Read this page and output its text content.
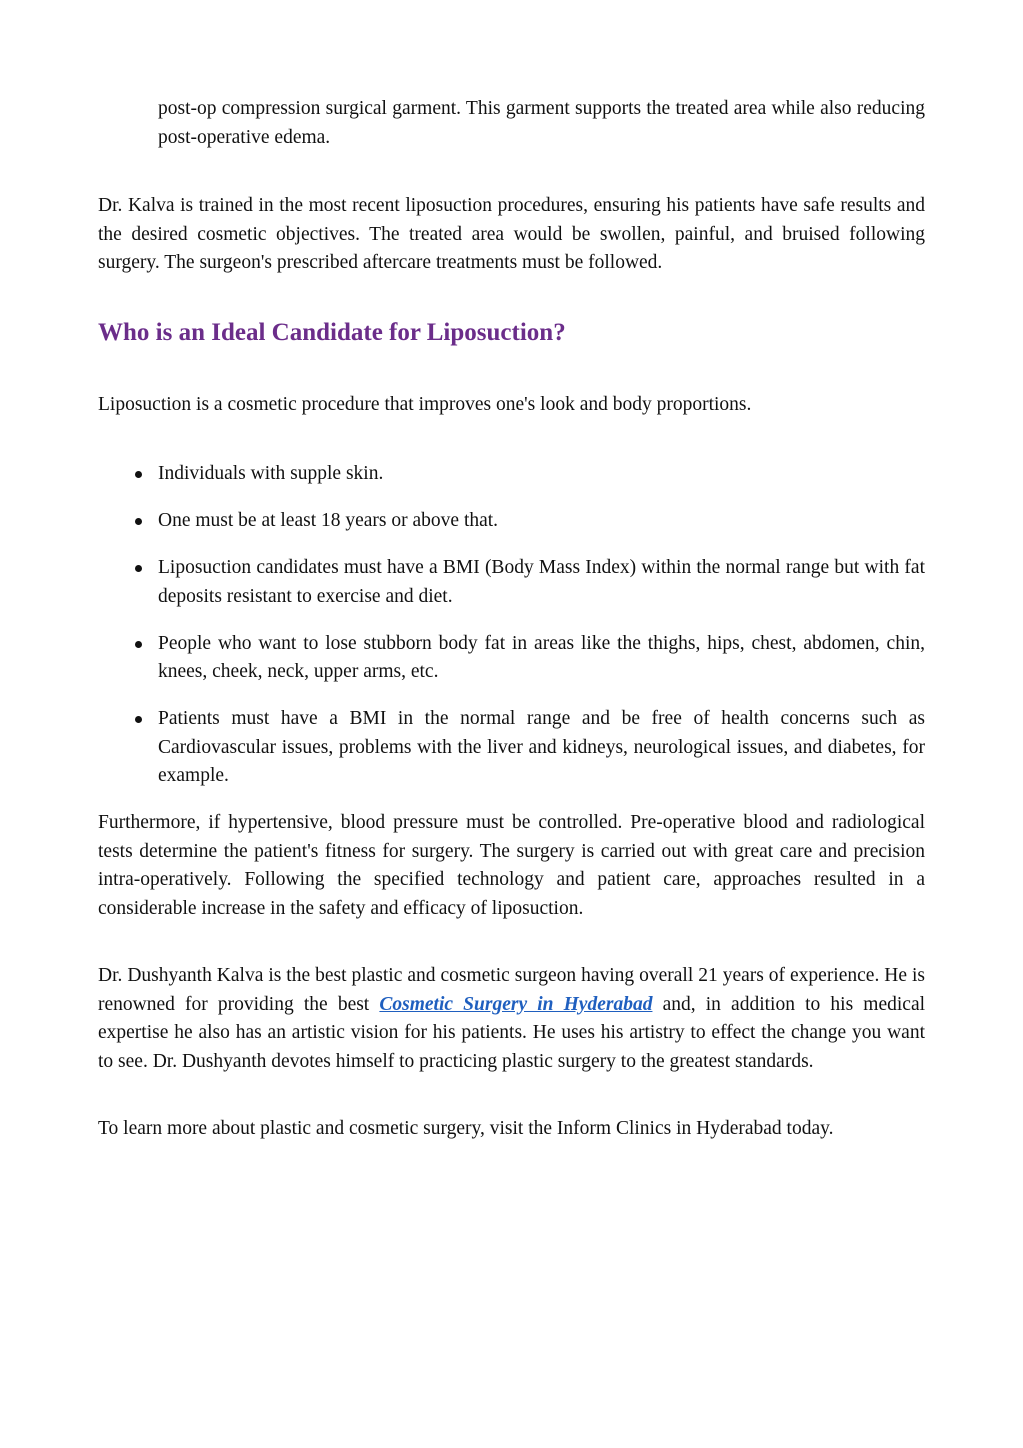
post-op compression surgical garment. This garment supports the treated area while also reducing post-operative edema.

Dr. Kalva is trained in the most recent liposuction procedures, ensuring his patients have safe results and the desired cosmetic objectives. The treated area would be swollen, painful, and bruised following surgery. The surgeon's prescribed aftercare treatments must be followed.

Who is an Ideal Candidate for Liposuction?

Liposuction is a cosmetic procedure that improves one's look and body proportions.

Individuals with supple skin.
One must be at least 18 years or above that.
Liposuction candidates must have a BMI (Body Mass Index) within the normal range but with fat deposits resistant to exercise and diet.
People who want to lose stubborn body fat in areas like the thighs, hips, chest, abdomen, chin, knees, cheek, neck, upper arms, etc.
Patients must have a BMI in the normal range and be free of health concerns such as Cardiovascular issues, problems with the liver and kidneys, neurological issues, and diabetes, for example.

Furthermore, if hypertensive, blood pressure must be controlled. Pre-operative blood and radiological tests determine the patient's fitness for surgery. The surgery is carried out with great care and precision intra-operatively. Following the specified technology and patient care, approaches resulted in a considerable increase in the safety and efficacy of liposuction.

Dr. Dushyanth Kalva is the best plastic and cosmetic surgeon having overall 21 years of experience. He is renowned for providing the best Cosmetic Surgery in Hyderabad and, in addition to his medical expertise he also has an artistic vision for his patients. He uses his artistry to effect the change you want to see. Dr. Dushyanth devotes himself to practicing plastic surgery to the greatest standards.

To learn more about plastic and cosmetic surgery, visit the Inform Clinics in Hyderabad today.
